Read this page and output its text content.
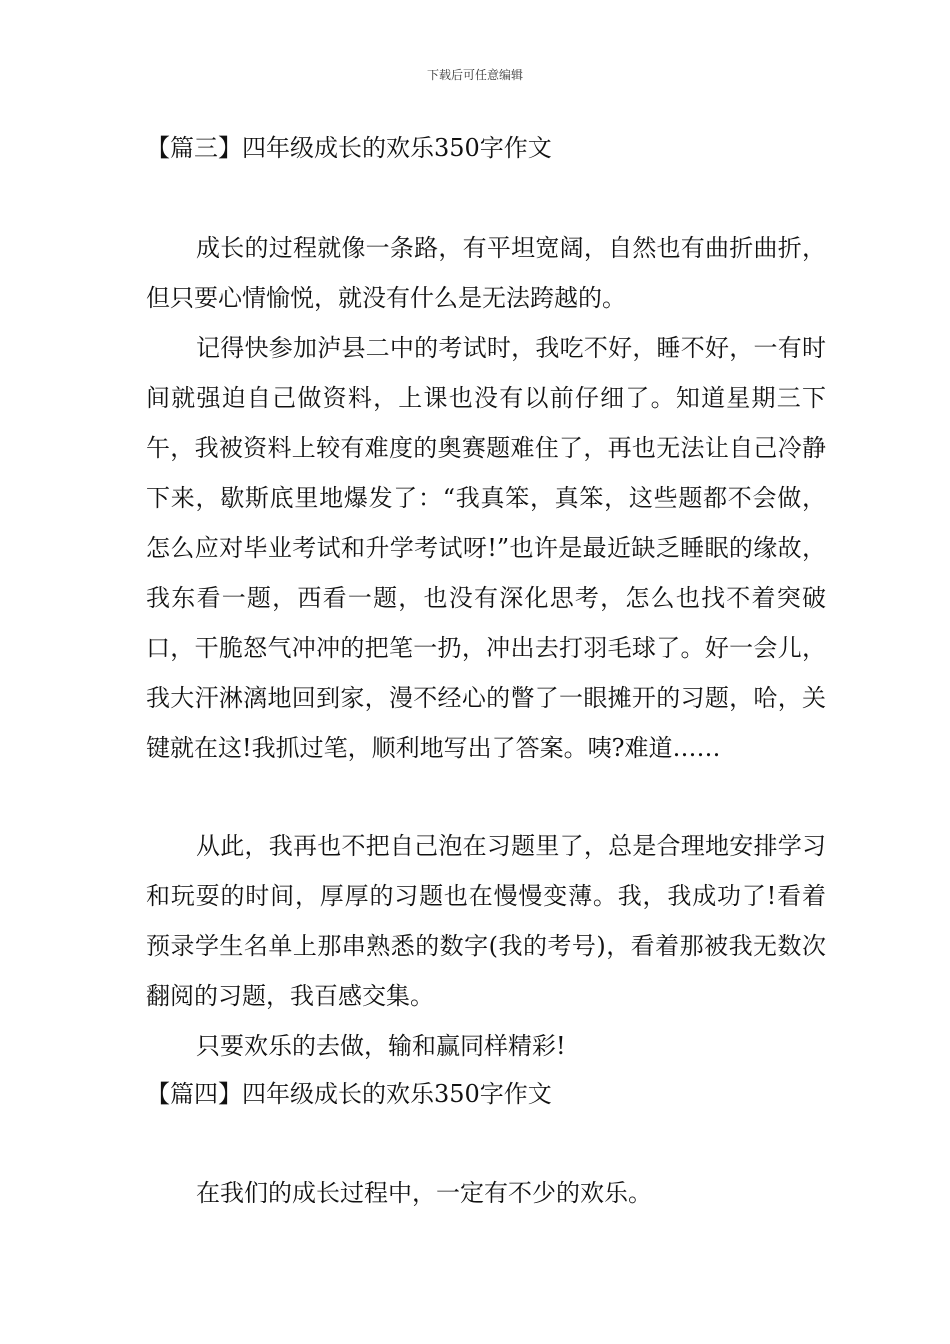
下载后可任意编辑
【篇三】四年级成长的欢乐350字作文

成长的过程就像一条路，有平坦宽阔，自然也有曲折曲折，但只要心情愉悦，就没有什么是无法跨越的。

记得快参加泸县二中的考试时，我吃不好，睡不好，一有时间就强迫自己做资料，上课也没有以前仔细了。知道星期三下午，我被资料上较有难度的奥赛题难住了，再也无法让自己冷静下来，歇斯底里地爆发了：“我真笨，真笨，这些题都不会做，怎么应对毕业考试和升学考试呀!”也许是最近缺乏睡眠的缘故，我东看一题，西看一题，也没有深化思考，怎么也找不着突破口，干脆怒气冲冲的把笔一扔，冲出去打羽毛球了。好一会儿，我大汗淋漓地回到家，漫不经心的瞥了一眼摊开的习题，哈，关键就在这!我抓过笔，顺利地写出了答案。咦?难道……

从此，我再也不把自己泡在习题里了，总是合理地安排学习和玩耍的时间，厚厚的习题也在慢慢变薄。我，我成功了!看着预录学生名单上那串熟悉的数字(我的考号)，看着那被我无数次翻阅的习题，我百感交集。

只要欢乐的去做，输和赢同样精彩!

【篇四】四年级成长的欢乐350字作文

在我们的成长过程中，一定有不少的欢乐。
